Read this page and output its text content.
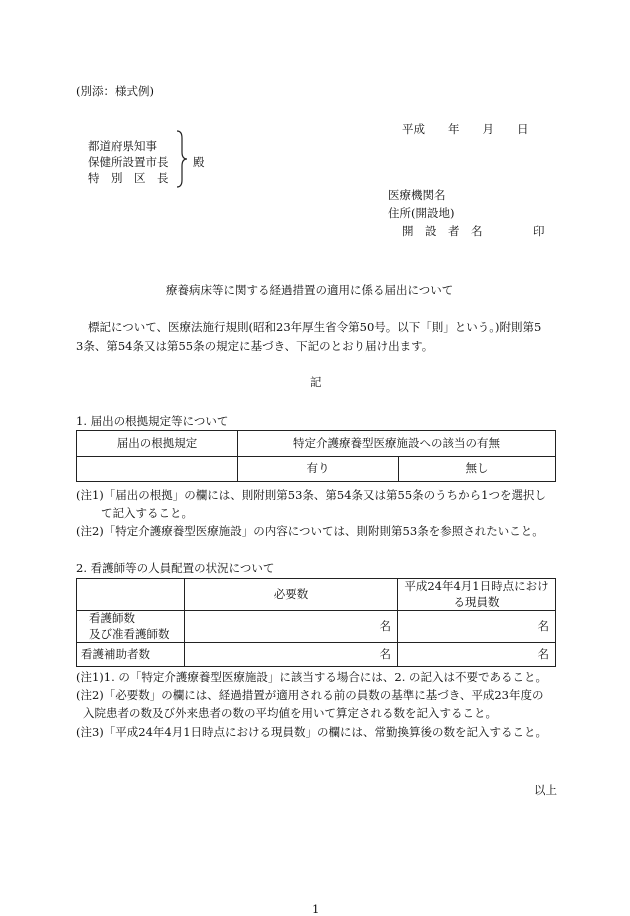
(別添：様式例)
平成　　年　　月　　日
都道府県知事
保健所設置市長
特　別　区　長
殿
医療機関名
住所(開設地)
開　設　者　名	印
療養病床等に関する経過措置の適用に係る届出について
標記について、医療法施行規則(昭和23年厚生省令第50号。以下「則」という。)附則第5
3条、第54条又は第55条の規定に基づき、下記のとおり届け出ます。
記
1. 届出の根拠規定等について
届出の根拠規定	特定介護療養型医療施設への該当の有無	
	有り	無し
(注1)「届出の根拠」の欄には、則附則第53条、第54条又は第55条のうちから1つを選択し
て記入すること。
(注2)「特定介護療養型医療施設」の内容については、則附則第53条を参照されたいこと。
2. 看護師等の人員配置の状況について
	必要数	平成24年4月1日時点におけ
る現員数

看護師数
及び准看護師数	名	名
看護補助者数	名	名
(注1)1. の「特定介護療養型医療施設」に該当する場合には、2. の記入は不要であること。
(注2)「必要数」の欄には、経過措置が適用される前の員数の基準に基づき、平成23年度の
入院患者の数及び外来患者の数の平均値を用いて算定される数を記入すること。
(注3)「平成24年4月1日時点における現員数」の欄には、常勤換算後の数を記入すること。
以上
1
